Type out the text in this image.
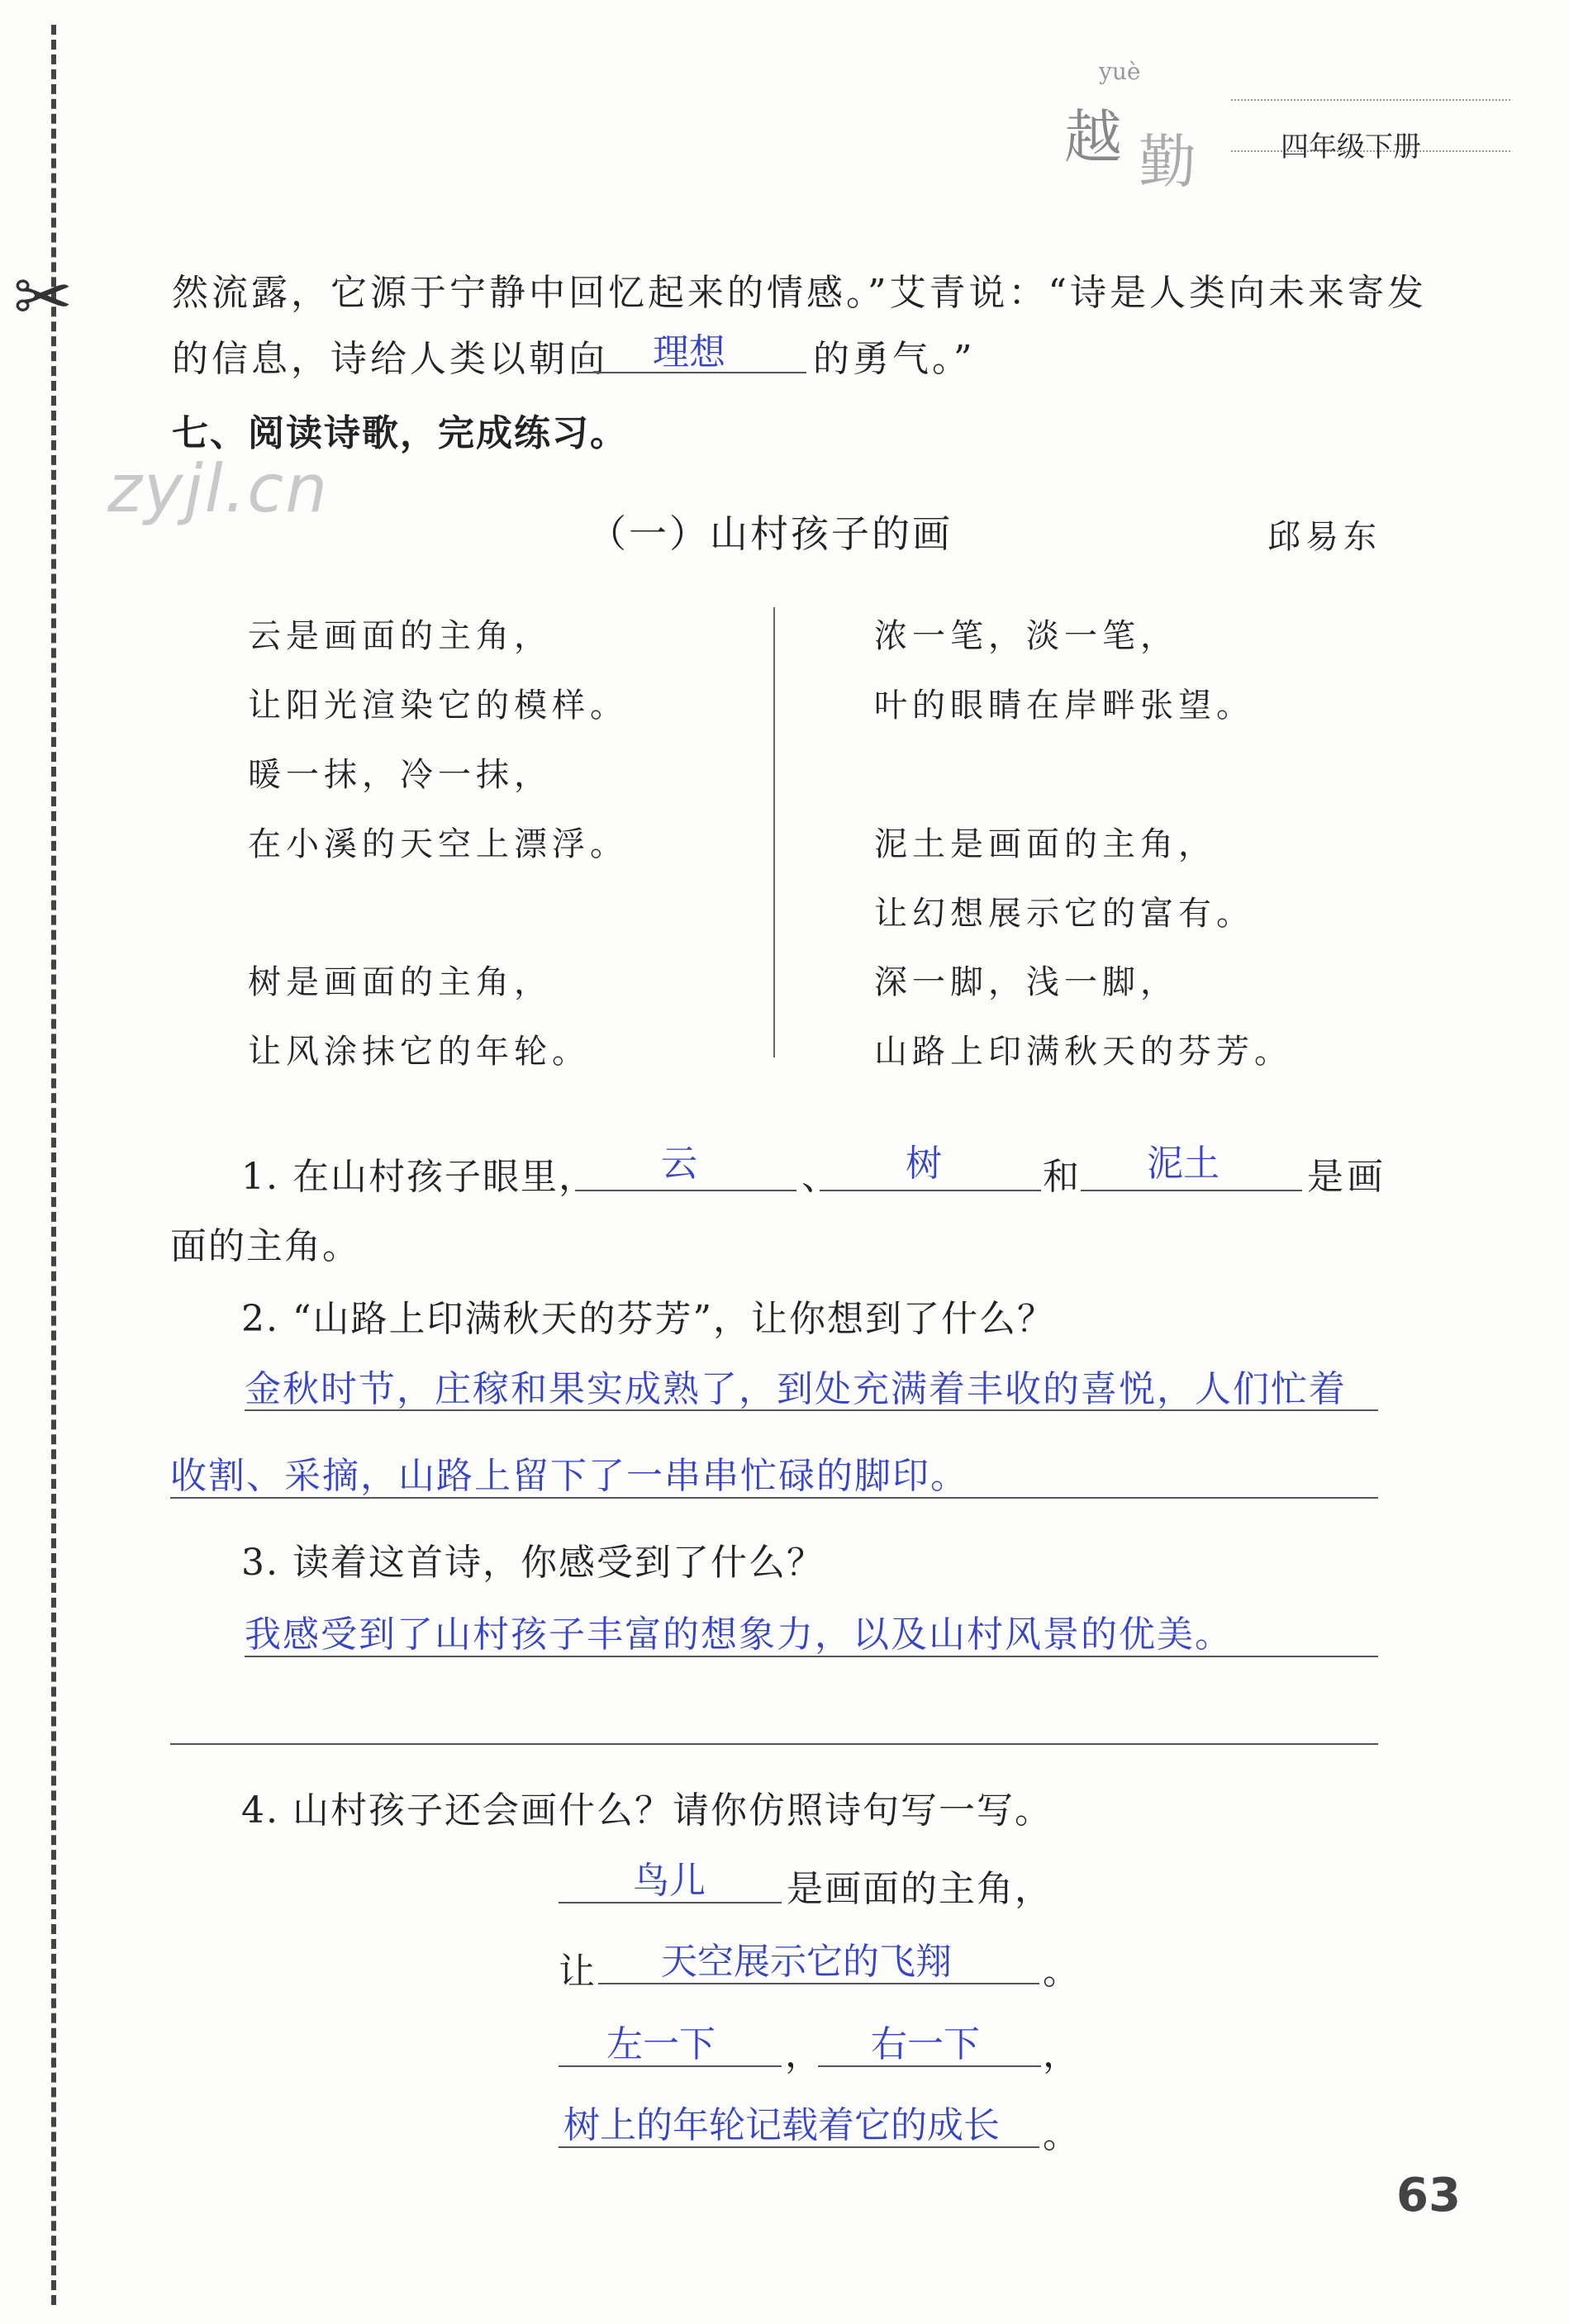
✂
yuè
越 勤	四年级下册
zyjl.cn
然流露，它源于宁静中回忆起来的情感。”艾青说：“诗是人类向未来寄发
的信息，诗给人类以朝向 理想 的勇气。”
七、阅读诗歌，完成练习。
（一）山村孩子的画	邱易东
云是画面的主角，
让阳光渲染它的模样。
暖一抹，冷一抹，
在小溪的天空上漂浮。
树是画面的主角，
让风涂抹它的年轮。
浓一笔，淡一笔，
叶的眼睛在岸畔张望。
泥土是画面的主角，
让幻想展示它的富有。
深一脚，浅一脚，
山路上印满秋天的芬芳。
1. 在山村孩子眼里， 云	、 树	和 泥土 是画
面的主角。
2. “山路上印满秋天的芬芳”，让你想到了什么？
金秋时节，庄稼和果实成熟了，到处充满着丰收的喜悦，人们忙着
收割、采摘，山路上留下了一串串忙碌的脚印。
3. 读着这首诗，你感受到了什么？
我感受到了山村孩子丰富的想象力，以及山村风景的优美。
4. 山村孩子还会画什么？请你仿照诗句写一写。
鸟儿 是画面的主角，
让 天空展示它的飞翔	。
左一下 ， 右一下 ，
树上的年轮记载着它的成长 。
63
